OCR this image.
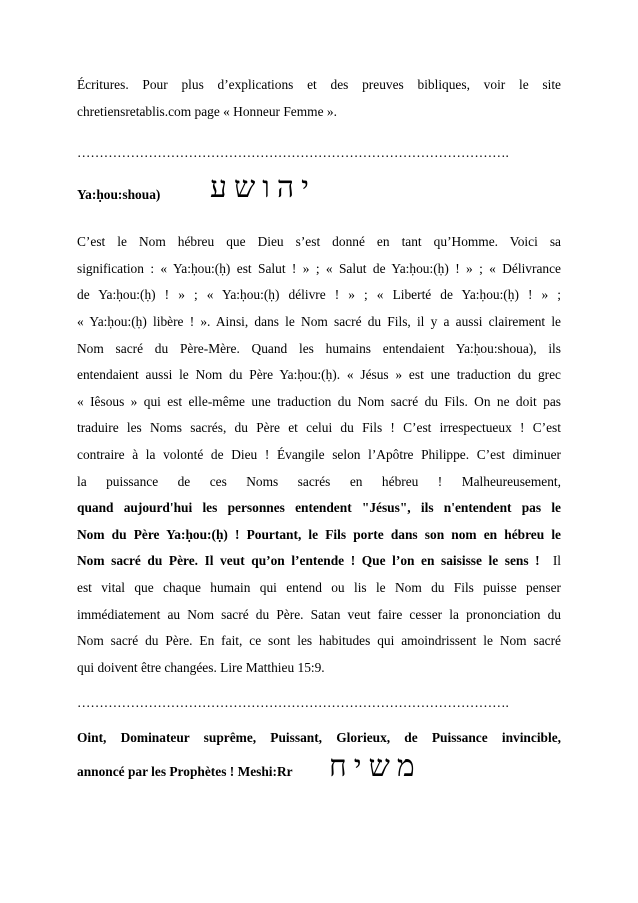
Écritures. Pour plus d’explications et des preuves bibliques, voir le site
chretiensretablis.com page « Honneur Femme ».

…………………………………………………………………………………….

Ya:ḥou:shoua) יהושע

C’est le Nom hébreu que Dieu s’est donné en tant qu’Homme. Voici sa
signification : « Ya:ḥou:(ḥ) est Salut ! » ; « Salut de Ya:ḥou:(ḥ) ! » ; « Délivrance
de Ya:ḥou:(ḥ) ! » ; « Ya:ḥou:(ḥ) délivre ! » ; « Liberté de Ya:ḥou:(ḥ) ! » ;
« Ya:ḥou:(ḥ) libère ! ». Ainsi, dans le Nom sacré du Fils, il y a aussi clairement le
Nom sacré du Père-Mère. Quand les humains entendaient Ya:ḥou:shoua), ils
entendaient aussi le Nom du Père Ya:ḥou:(ḥ). « Jésus » est une traduction du grec
« Iêsous » qui est elle-même une traduction du Nom sacré du Fils. On ne doit pas
traduire les Noms sacrés, du Père et celui du Fils ! C’est irrespectueux ! C’est
contraire à la volonté de Dieu ! Évangile selon l’Apôtre Philippe. C’est diminuer
la puissance de ces Noms sacrés en hébreu ! Malheureusement,
quand aujourd'hui les personnes entendent "Jésus", ils n'entendent pas le
Nom du Père Ya:ḥou:(ḥ) ! Pourtant, le Fils porte dans son nom en hébreu le
Nom sacré du Père. Il veut qu’on l’entende ! Que l’on en saisisse le sens ! Il
est vital que chaque humain qui entend ou lis le Nom du Fils puisse penser
immédiatement au Nom sacré du Père. Satan veut faire cesser la prononciation du
Nom sacré du Père. En fait, ce sont les habitudes qui amoindrissent le Nom sacré
qui doivent être changées. Lire Matthieu 15:9.

…………………………………………………………………………………….

Oint, Dominateur suprême, Puissant, Glorieux, de Puissance invincible,

annoncé par les Prophètes ! Meshi:Rr משיח
